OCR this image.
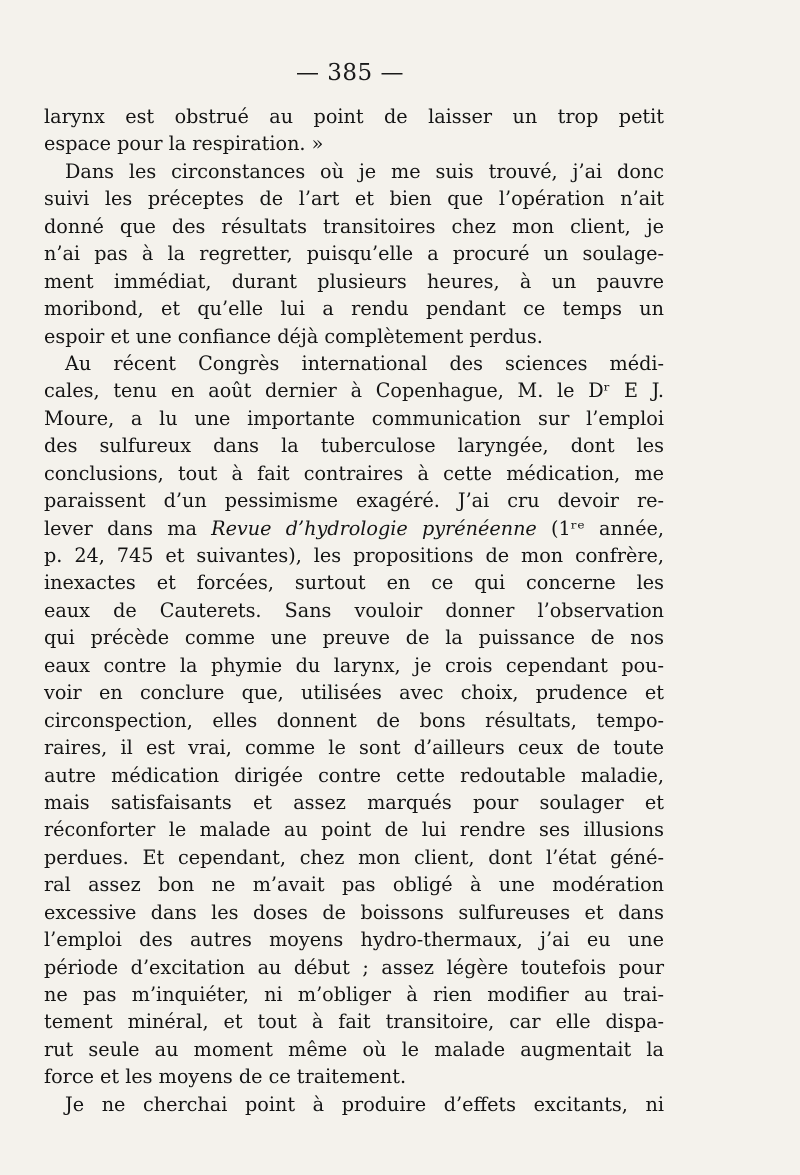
— 385 —
larynx est obstrué au point de laisser un trop petit
espace pour la respiration. »
Dans les circonstances où je me suis trouvé, j’ai donc
suivi les préceptes de l’art et bien que l’opération n’ait
donné que des résultats transitoires chez mon client, je
n’ai pas à la regretter, puisqu’elle a procuré un soulage-
ment immédiat, durant plusieurs heures, à un pauvre
moribond, et qu’elle lui a rendu pendant ce temps un
espoir et une confiance déjà complètement perdus.
Au récent Congrès international des sciences médi-
cales, tenu en août dernier à Copenhague, M. le Dʳ E J.
Moure, a lu une importante communication sur l’emploi
des sulfureux dans la tuberculose laryngée, dont les
conclusions, tout à fait contraires à cette médication, me
paraissent d’un pessimisme exagéré. J’ai cru devoir re-
lever dans ma Revue d’hydrologie pyrénéenne (1ʳᵉ année,
p. 24, 745 et suivantes), les propositions de mon confrère,
inexactes et forcées, surtout en ce qui concerne les
eaux de Cauterets. Sans vouloir donner l’observation
qui précède comme une preuve de la puissance de nos
eaux contre la phymie du larynx, je crois cependant pou-
voir en conclure que, utilisées avec choix, prudence et
circonspection, elles donnent de bons résultats, tempo-
raires, il est vrai, comme le sont d’ailleurs ceux de toute
autre médication dirigée contre cette redoutable maladie,
mais satisfaisants et assez marqués pour soulager et
réconforter le malade au point de lui rendre ses illusions
perdues. Et cependant, chez mon client, dont l’état géné-
ral assez bon ne m’avait pas obligé à une modération
excessive dans les doses de boissons sulfureuses et dans
l’emploi des autres moyens hydro-thermaux, j’ai eu une
période d’excitation au début ; assez légère toutefois pour
ne pas m’inquiéter, ni m’obliger à rien modifier au trai-
tement minéral, et tout à fait transitoire, car elle dispa-
rut seule au moment même où le malade augmentait la
force et les moyens de ce traitement.
Je ne cherchai point à produire d’effets excitants, ni
